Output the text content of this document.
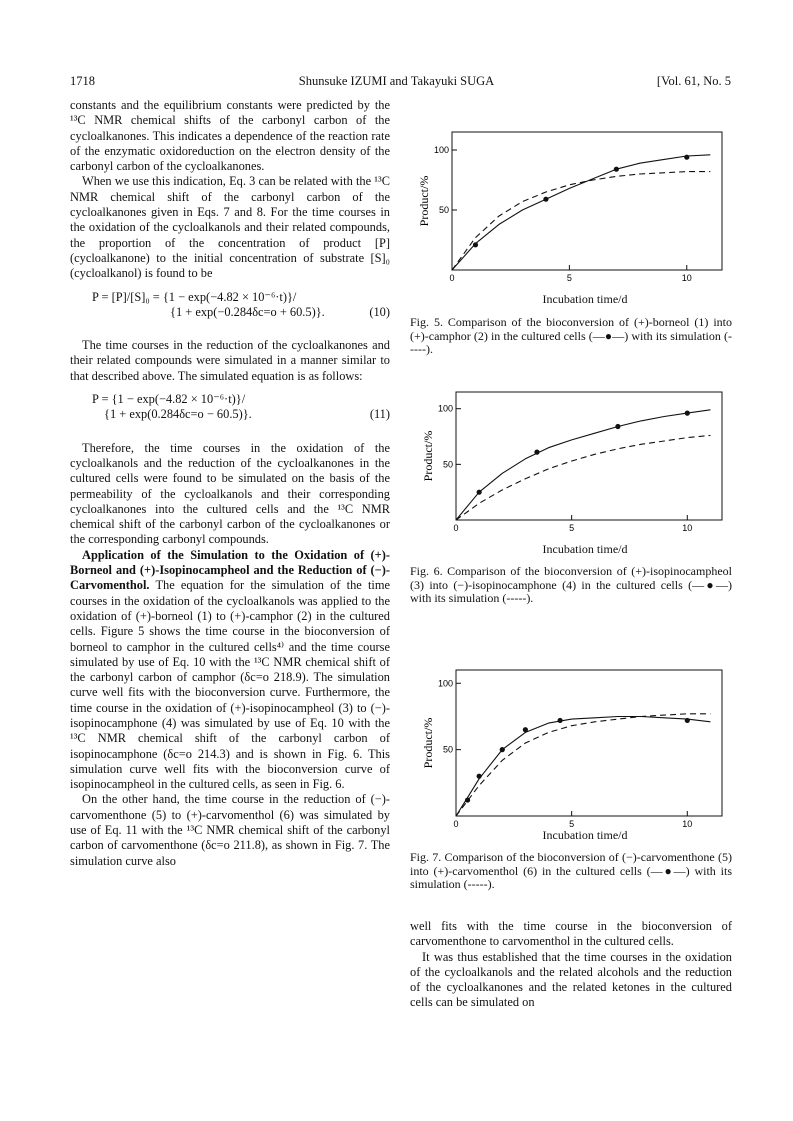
1718	Shunsuke IZUMI and Takayuki SUGA	[Vol. 61, No. 5

constants and the equilibrium constants were predicted by the ¹³C NMR chemical shifts of the carbonyl carbon of the cycloalkanones. This indicates a dependence of the reaction rate of the enzymatic oxidoreduction on the electron density of the carbonyl carbon of the cycloalkanones.

When we use this indication, Eq. 3 can be related with the ¹³C NMR chemical shift of the carbonyl carbon of the cycloalkanones given in Eqs. 7 and 8. For the time courses in the oxidation of the cycloalkanols and their related compounds, the proportion of the concentration of product [P] (cycloalkanone) to the initial concentration of substrate [S]₀ (cycloalkanol) is found to be

P = [P]/[S]₀ = {1 − exp(−4.82 × 10⁻⁶·t)}/
{1 + exp(−0.284δc=o + 60.5)}.	(10)

The time courses in the reduction of the cycloalkanones and their related compounds were simulated in a manner similar to that described above. The simulated equation is as follows:

P = {1 − exp(−4.82 × 10⁻⁶·t)}/
{1 + exp(0.284δc=o − 60.5)}.	(11)

Therefore, the time courses in the oxidation of the cycloalkanols and the reduction of the cycloalkanones in the cultured cells were found to be simulated on the basis of the permeability of the cycloalkanols and their corresponding cycloalkanones into the cultured cells and the ¹³C NMR chemical shift of the carbonyl carbon of the cycloalkanones or the corresponding carbonyl compounds.

Application of the Simulation to the Oxidation of (+)-Borneol and (+)-Isopinocampheol and the Reduction of (−)-Carvomenthol. The equation for the simulation of the time courses in the oxidation of the cycloalkanols was applied to the oxidation of (+)-borneol (1) to (+)-camphor (2) in the cultured cells. Figure 5 shows the time course in the bioconversion of borneol to camphor in the cultured cells⁴⁾ and the time course simulated by use of Eq. 10 with the ¹³C NMR chemical shift of the carbonyl carbon of camphor (δc=o 218.9). The simulation curve well fits with the bioconversion curve. Furthermore, the time course in the oxidation of (+)-isopinocampheol (3) to (−)-isopinocamphone (4) was simulated by use of Eq. 10 with the ¹³C NMR chemical shift of the carbonyl carbon of isopinocamphone (δc=o 214.3) and is shown in Fig. 6. This simulation curve well fits with the bioconversion curve of isopinocampheol in the cultured cells, as seen in Fig. 6.

On the other hand, the time course in the reduction of (−)-carvomenthone (5) to (+)-carvomenthol (6) was simulated by use of Eq. 11 with the ¹³C NMR chemical shift of the carbonyl carbon of carvomenthone (δc=o 211.8), as shown in Fig. 7. The simulation curve also

0	5	10
50
100
Product/%
Incubation time/d
Fig. 5. Comparison of the bioconversion of (+)-borneol (1) into (+)-camphor (2) in the cultured cells (—●—) with its simulation (-----).
0	5	10
50
100
Product/%
Incubation time/d
Fig. 6. Comparison of the bioconversion of (+)-isopinocampheol (3) into (−)-isopinocamphone (4) in the cultured cells (—●—) with its simulation (-----).
0	5	10
50
100
Product/%
Incubation time/d
Fig. 7. Comparison of the bioconversion of (−)-carvomenthone (5) into (+)-carvomenthol (6) in the cultured cells (—●—) with its simulation (-----).

well fits with the time course in the bioconversion of carvomenthone to carvomenthol in the cultured cells.

It was thus established that the time courses in the oxidation of the cycloalkanols and the related alcohols and the reduction of the cycloalkanones and the related ketones in the cultured cells can be simulated on
